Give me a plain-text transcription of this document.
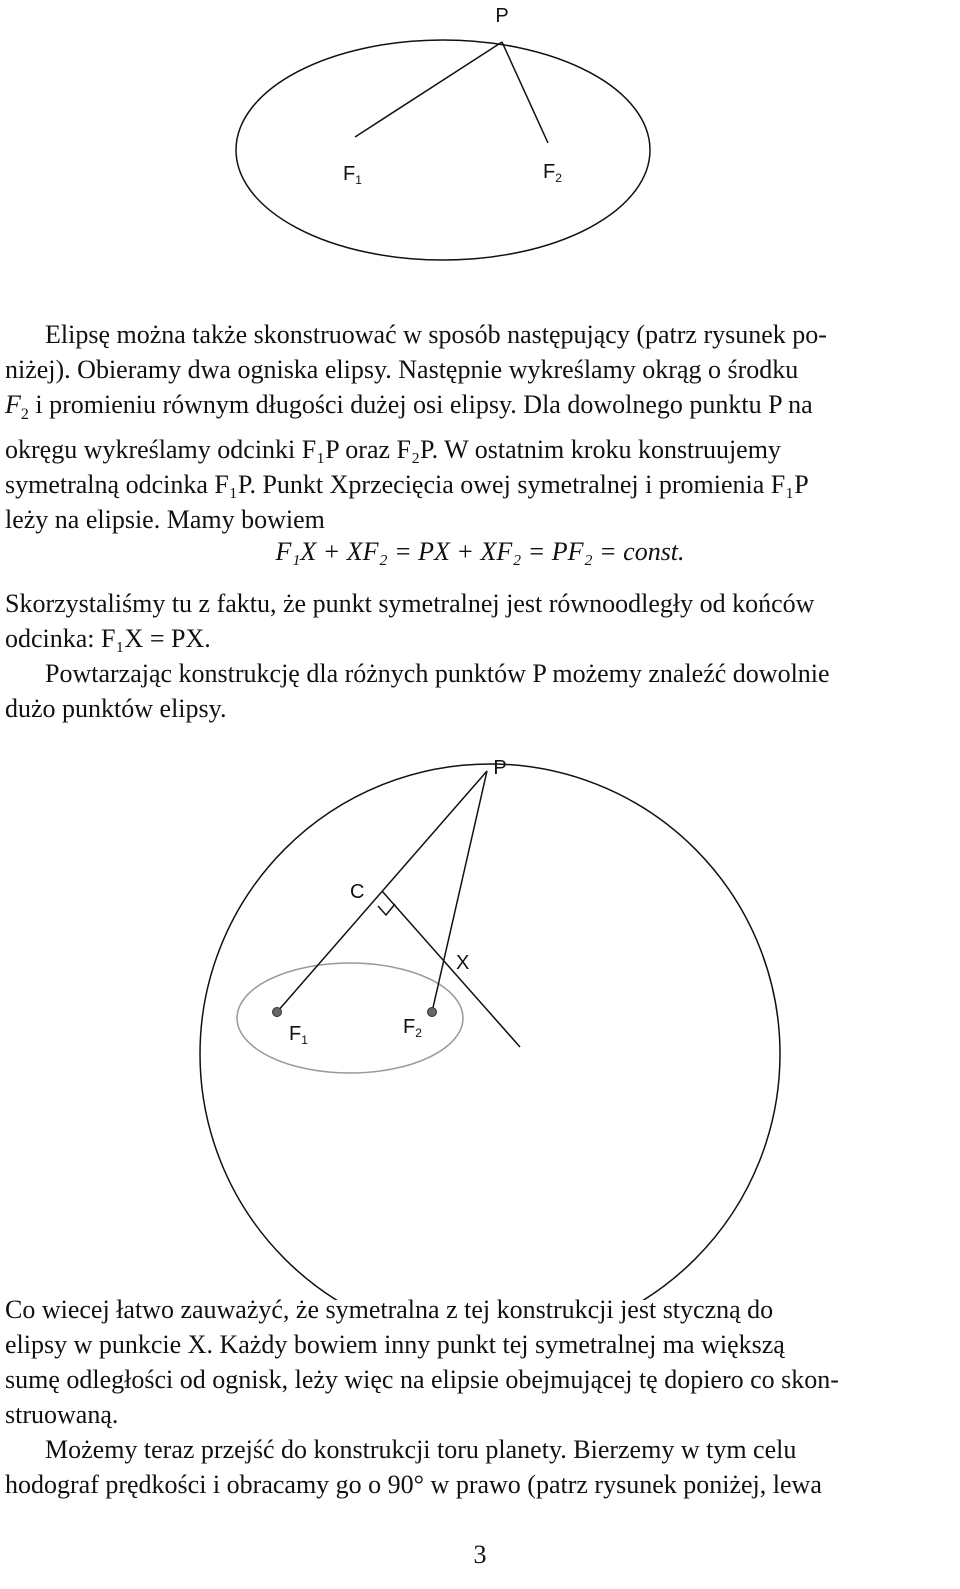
P
$F_1$	$F_2$

Elipsę można także skonstruować w sposób następujący (patrz rysunek po-

niżej). Obieramy dwa ogniska elipsy. Następnie wykreślamy okrąg o środku

$F_2$ i promieniu równym długości dużej osi elipsy. Dla dowolnego punktu P na

okręgu wykreślamy odcinki F₁P oraz F₂P. W ostatnim kroku konstruujemy

symetralną odcinka F₁P. Punkt Xprzecięcia owej symetralnej i promienia F₁P

leży na elipsie. Mamy bowiem

F₁X + XF₂ = PX + XF₂ = PF₂ = const.

Skorzystaliśmy tu z faktu, że punkt symetralnej jest równoodległy od końców

odcinka: F₁X = PX.

Powtarzając konstrukcję dla różnych punktów P możemy znaleźć dowolnie

dużo punktów elipsy.

P
C
X
$F_1$
$F_2$

Co wiecej łatwo zauważyć, że symetralna z tej konstrukcji jest styczną do

elipsy w punkcie X. Każdy bowiem inny punkt tej symetralnej ma większą

sumę odległości od ognisk, leży więc na elipsie obejmującej tę dopiero co skon-

struowaną.

Możemy teraz przejść do konstrukcji toru planety. Bierzemy w tym celu

hodograf prędkości i obracamy go o 90° w prawo (patrz rysunek poniżej, lewa

3
